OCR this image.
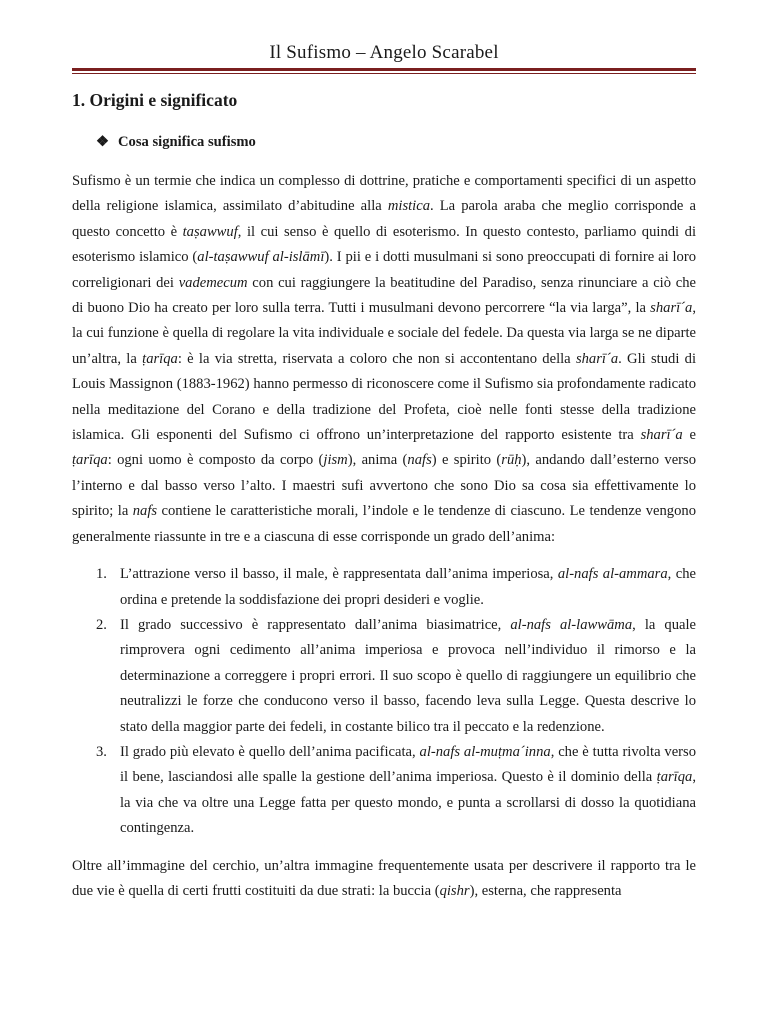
Il Sufismo – Angelo Scarabel
1. Origini e significato
❖ Cosa significa sufismo

Sufismo è un termie che indica un complesso di dottrine, pratiche e comportamenti specifici di un aspetto della religione islamica, assimilato d’abitudine alla mistica. La parola araba che meglio corrisponde a questo concetto è taṣawwuf, il cui senso è quello di esoterismo. In questo contesto, parliamo quindi di esoterismo islamico (al-taṣawwuf al-islāmī). I pii e i dotti musulmani si sono preoccupati di fornire ai loro correligionari dei vademecum con cui raggiungere la beatitudine del Paradiso, senza rinunciare a ciò che di buono Dio ha creato per loro sulla terra. Tutti i musulmani devono percorrere “la via larga”, la sharī´a, la cui funzione è quella di regolare la vita individuale e sociale del fedele. Da questa via larga se ne diparte un’altra, la ṭarīqa: è la via stretta, riservata a coloro che non si accontentano della sharī´a. Gli studi di Louis Massignon (1883-1962) hanno permesso di riconoscere come il Sufismo sia profondamente radicato nella meditazione del Corano e della tradizione del Profeta, cioè nelle fonti stesse della tradizione islamica. Gli esponenti del Sufismo ci offrono un’interpretazione del rapporto esistente tra sharī´a e ṭarīqa: ogni uomo è composto da corpo (jism), anima (nafs) e spirito (rūḥ), andando dall’esterno verso l’interno e dal basso verso l’alto. I maestri sufi avvertono che sono Dio sa cosa sia effettivamente lo spirito; la nafs contiene le caratteristiche morali, l’indole e le tendenze di ciascuno. Le tendenze vengono generalmente riassunte in tre e a ciascuna di esse corrisponde un grado dell’anima:

1. L’attrazione verso il basso, il male, è rappresentata dall’anima imperiosa, al-nafs al-ammara, che ordina e pretende la soddisfazione dei propri desideri e voglie.
2. Il grado successivo è rappresentato dall’anima biasimatrice, al-nafs al-lawwāma, la quale rimprovera ogni cedimento all’anima imperiosa e provoca nell’individuo il rimorso e la determinazione a correggere i propri errori. Il suo scopo è quello di raggiungere un equilibrio che neutralizzi le forze che conducono verso il basso, facendo leva sulla Legge. Questa descrive lo stato della maggior parte dei fedeli, in costante bilico tra il peccato e la redenzione.
3. Il grado più elevato è quello dell’anima pacificata, al-nafs al-muṭma´inna, che è tutta rivolta verso il bene, lasciandosi alle spalle la gestione dell’anima imperiosa. Questo è il dominio della ṭarīqa, la via che va oltre una Legge fatta per questo mondo, e punta a scrollarsi di dosso la quotidiana contingenza.

Oltre all’immagine del cerchio, un’altra immagine frequentemente usata per descrivere il rapporto tra le due vie è quella di certi frutti costituiti da due strati: la buccia (qishr), esterna, che rappresenta
